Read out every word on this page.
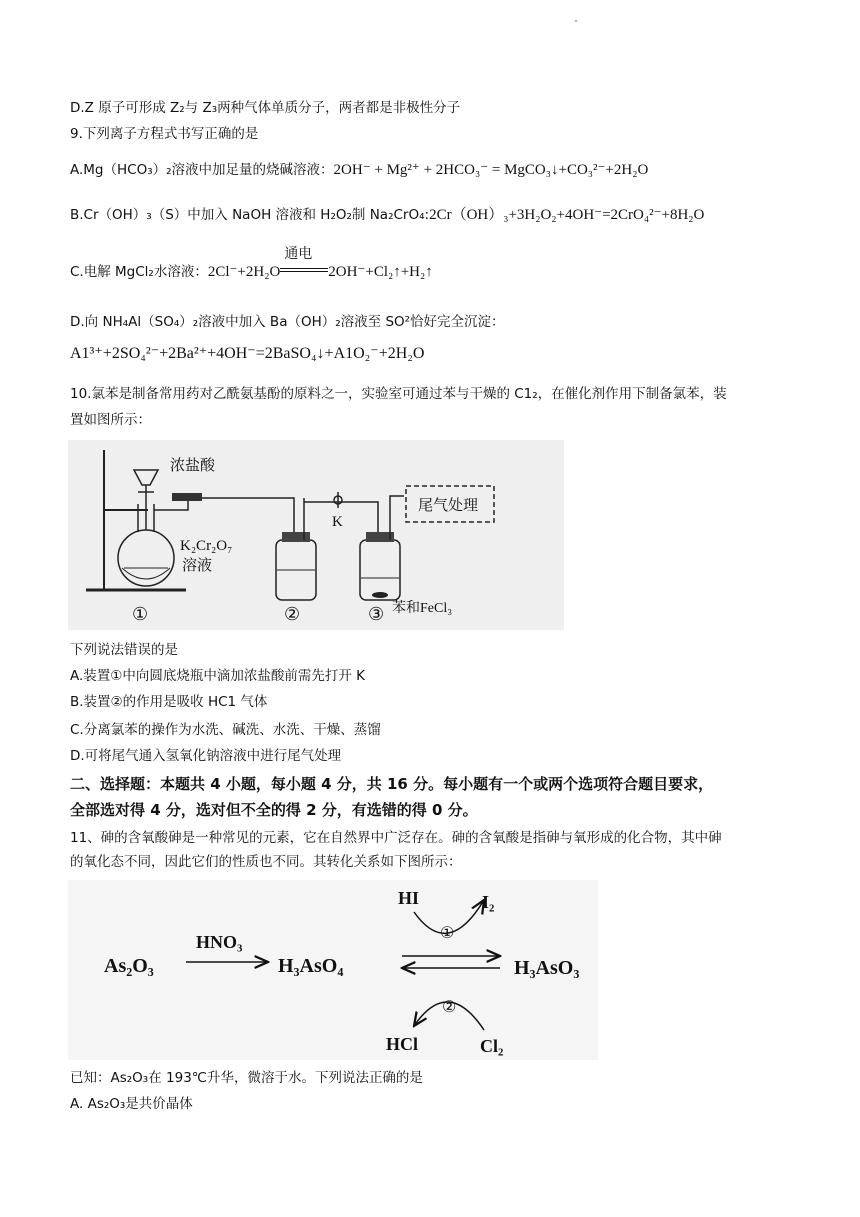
D.Z 原子可形成 Z₂与 Z₃两种气体单质分子，两者都是非极性分子
9.下列离子方程式书写正确的是
A.Mg（HCO₃）₂溶液中加足量的烧碱溶液：2OH⁻ + Mg²⁺ + 2HCO₃⁻ = MgCO₃↓+CO₃²⁻+2H₂O
B.Cr（OH）₃（S）中加入 NaOH 溶液和 H₂O₂制 Na₂CrO₄:2Cr（OH）₃+3H₂O₂+4OH⁻=2CrO₄²⁻+8H₂O
C.电解 MgCl₂水溶液：2Cl⁻+2H₂O
通电
2OH⁻+Cl₂↑+H₂↑
D.向 NH₄Al（SO₄）₂溶液中加入 Ba（OH）₂溶液至 SO²恰好完全沉淀：
A1³⁺+2SO₄²⁻+2Ba²⁺+4OH⁻=2BaSO₄↓+A1O₂⁻+2H₂O
10.氯苯是制备常用药对乙酰氨基酚的原料之一，实验室可通过苯与干燥的 C1₂，在催化剂作用下制备氯苯，装
置如图所示：
浓盐酸
K₂Cr₂O₇
溶液
K
尾气处理
苯和FeCl₃
①	②	③
下列说法错误的是
A.装置①中向圆底烧瓶中滴加浓盐酸前需先打开 K
B.装置②的作用是吸收 HC1 气体
C.分离氯苯的操作为水洗、碱洗、水洗、干燥、蒸馏
D.可将尾气通入氢氧化钠溶液中进行尾气处理
二、选择题：本题共 4 小题，每小题 4 分，共 16 分。每小题有一个或两个选项符合题目要求，
全部选对得 4 分，选对但不全的得 2 分，有选错的得 0 分。
11、砷的含氧酸砷是一种常见的元素，它在自然界中广泛存在。砷的含氧酸是指砷与氧形成的化合物，其中砷
的氧化态不同，因此它们的性质也不同。其转化关系如下图所示：
As₂O₃
HNO₃
H₃AsO₄	H₃AsO₃
HI	I₂
①
HCl	Cl₂
②
已知：As₂O₃在 193℃升华，微溶于水。下列说法正确的是
A. As₂O₃是共价晶体
